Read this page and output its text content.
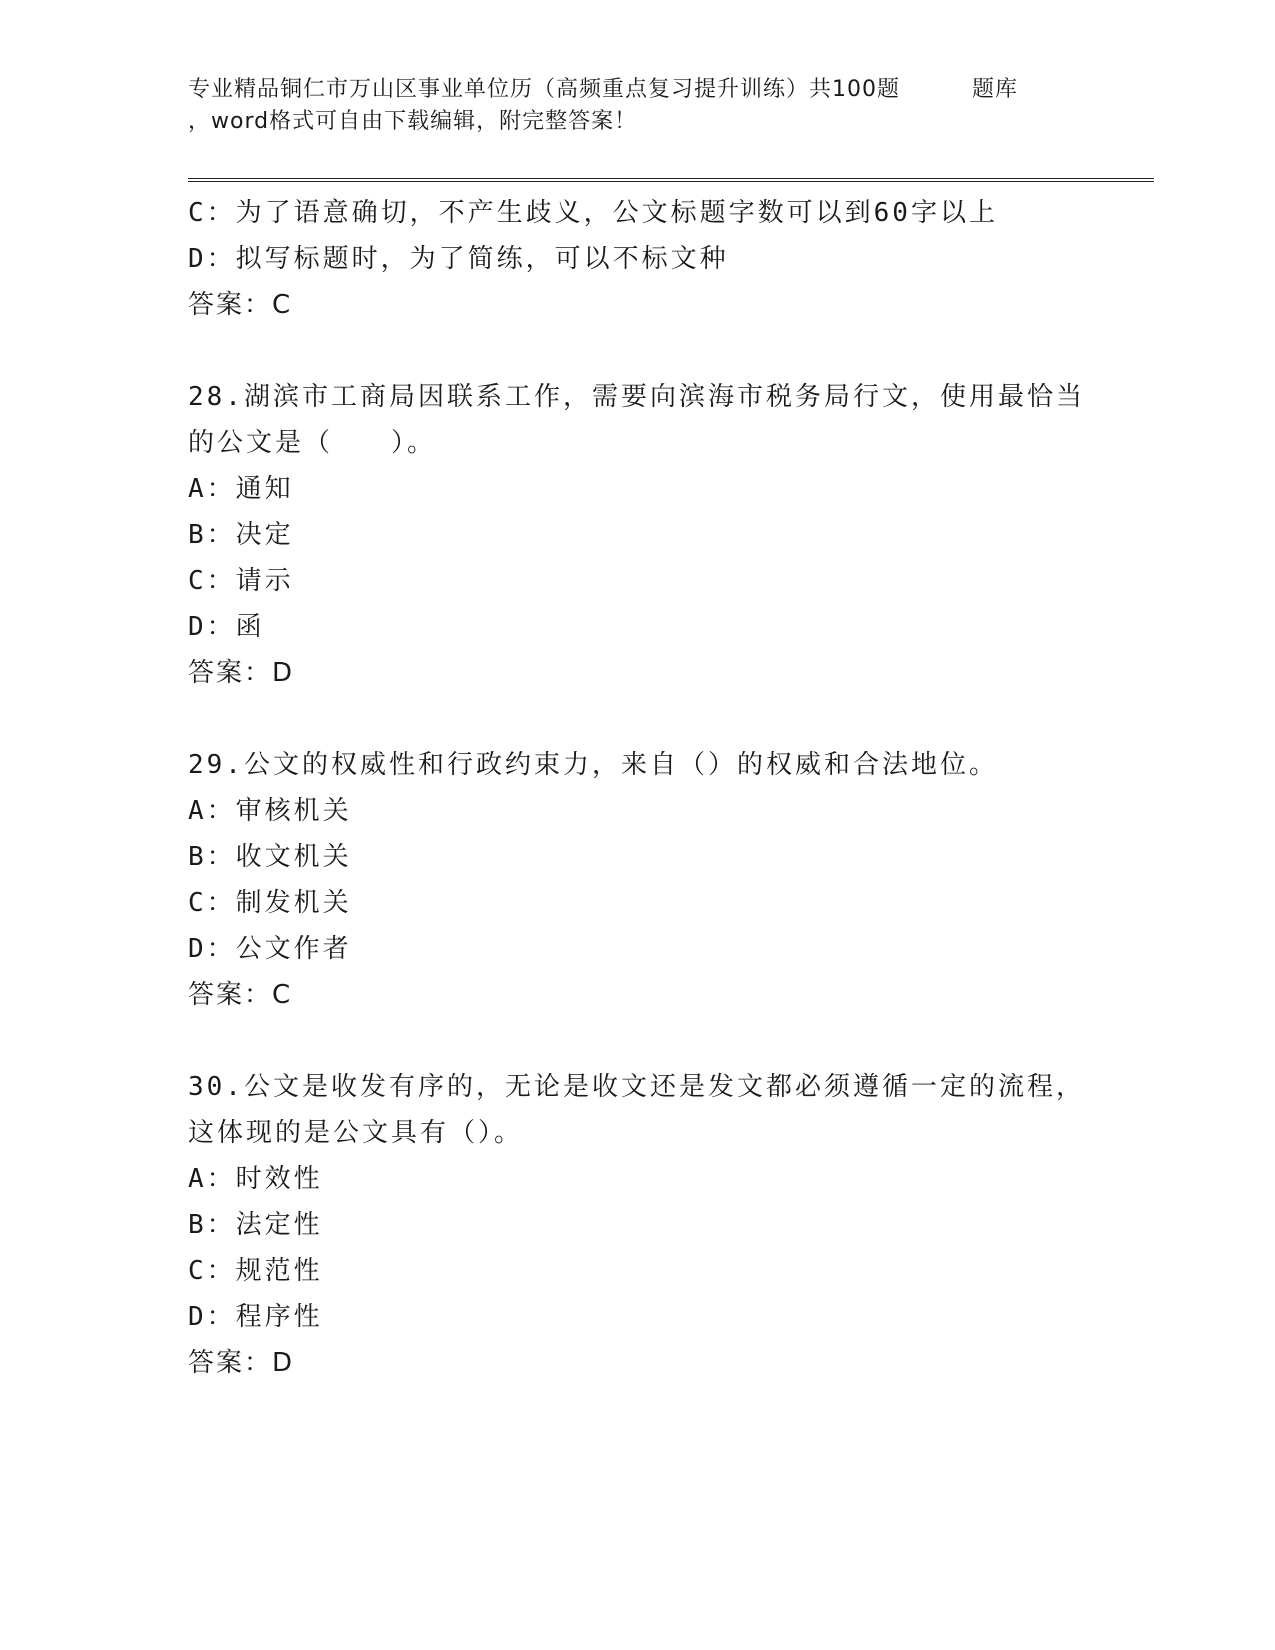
专业精品铜仁市万山区事业单位历（高频重点复习提升训练）共100题	题库
，word格式可自由下载编辑，附完整答案！
C：为了语意确切，不产生歧义，公文标题字数可以到60字以上
D：拟写标题时，为了简练，可以不标文种
答案：C
28.湖滨市工商局因联系工作，需要向滨海市税务局行文，使用最恰当
的公文是（　　）。
A：通知
B：决定
C：请示
D：函
答案：D
29.公文的权威性和行政约束力，来自（）的权威和合法地位。
A：审核机关
B：收文机关
C：制发机关
D：公文作者
答案：C
30.公文是收发有序的，无论是收文还是发文都必须遵循一定的流程，
这体现的是公文具有（）。
A：时效性
B：法定性
C：规范性
D：程序性
答案：D
